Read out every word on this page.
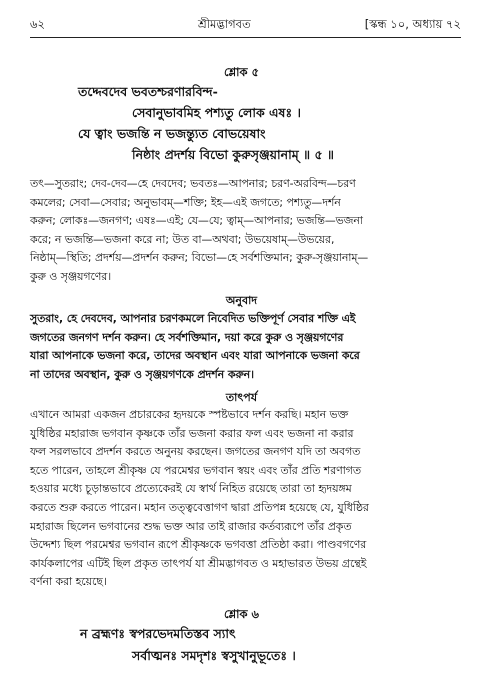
৬২	শ্রীমদ্ভাগবত	[স্কন্ধ ১০, অধ্যায় ৭২
শ্লোক ৫
তদ্দেবদেব ভবতশ্চরণারবিন্দ-
সেবানুভাবমিহ পশ্যতু লোক এষঃ ।
যে ত্বাং ভজন্তি ন ভজন্ত্যুত বোভয়েষাং
নিষ্ঠাং প্রদর্শয় বিভো কুরুসৃঞ্জয়ানাম্ ॥ ৫ ॥
তৎ—সুতরাং; দেব-দেব—হে দেবদেব; ভবতঃ—আপনার; চরণ-অরবিন্দ—চরণ
কমলের; সেবা—সেবার; অনুভাবম্—শক্তি; ইহ—এই জগতে; পশ্যতু—দর্শন
করুন; লোকঃ—জনগণ; এষঃ—এই; যে—যে; ত্বাম্—আপনার; ভজন্তি—ভজনা
করে; ন ভজন্তি—ভজনা করে না; উত বা—অথবা; উভয়েষাম্—উভয়ের,
নিষ্ঠাম্—স্থিতি; প্রদর্শয়—প্রদর্শন করুন; বিভো—হে সর্বশক্তিমান; কুরু-সৃঞ্জয়ানাম্—
কুরু ও সৃঞ্জয়গণের।
অনুবাদ
সুতরাং, হে দেবদেব, আপনার চরণকমলে নিবেদিত ভক্তিপূর্ণ সেবার শক্তি এই
জগতের জনগণ দর্শন করুন। হে সর্বশক্তিমান, দয়া করে কুরু ও সৃঞ্জয়গণের
যারা আপনাকে ভজনা করে, তাদের অবস্থান এবং যারা আপনাকে ভজনা করে
না তাদের অবস্থান, কুরু ও সৃঞ্জয়গণকে প্রদর্শন করুন।
তাৎপর্য
এখানে আমরা একজন প্রচারকের হৃদয়কে স্পষ্টভাবে দর্শন করছি। মহান ভক্ত
যুধিষ্ঠির মহারাজ ভগবান কৃষ্ণকে তাঁর ভজনা করার ফল এবং ভজনা না করার
ফল সরলভাবে প্রদর্শন করতে অনুনয় করছেন। জগতের জনগণ যদি তা অবগত
হতে পারেন, তাহলে শ্রীকৃষ্ণ যে পরমেশ্বর ভগবান স্বয়ং এবং তাঁর প্রতি শরণাগত
হওয়ার মধ্যে চূড়ান্তভাবে প্রত্যেকেরই যে স্বার্থ নিহিত রয়েছে তারা তা হৃদয়ঙ্গম
করতে শুরু করতে পারেন। মহান তত্ত্ববেত্তাগণ দ্বারা প্রতিপন্ন হয়েছে যে, যুধিষ্ঠির
মহারাজ ছিলেন ভগবানের শুদ্ধ ভক্ত আর তাই রাজার কর্তব্যরূপে তাঁর প্রকৃত
উদ্দেশ্য ছিল পরমেশ্বর ভগবান রূপে শ্রীকৃষ্ণকে ভগবত্তা প্রতিষ্ঠা করা। পাণ্ডবগণের
কার্যকলাপের এটিই ছিল প্রকৃত তাৎপর্য যা শ্রীমদ্ভাগবত ও মহাভারত উভয় গ্রন্থেই
বর্ণনা করা হয়েছে।
শ্লোক ৬
ন ব্রহ্মণঃ স্বপরভেদমতিস্তব স্যাৎ
সর্বাত্মনঃ সমদৃশঃ স্বসুখানুভূতেঃ ।
